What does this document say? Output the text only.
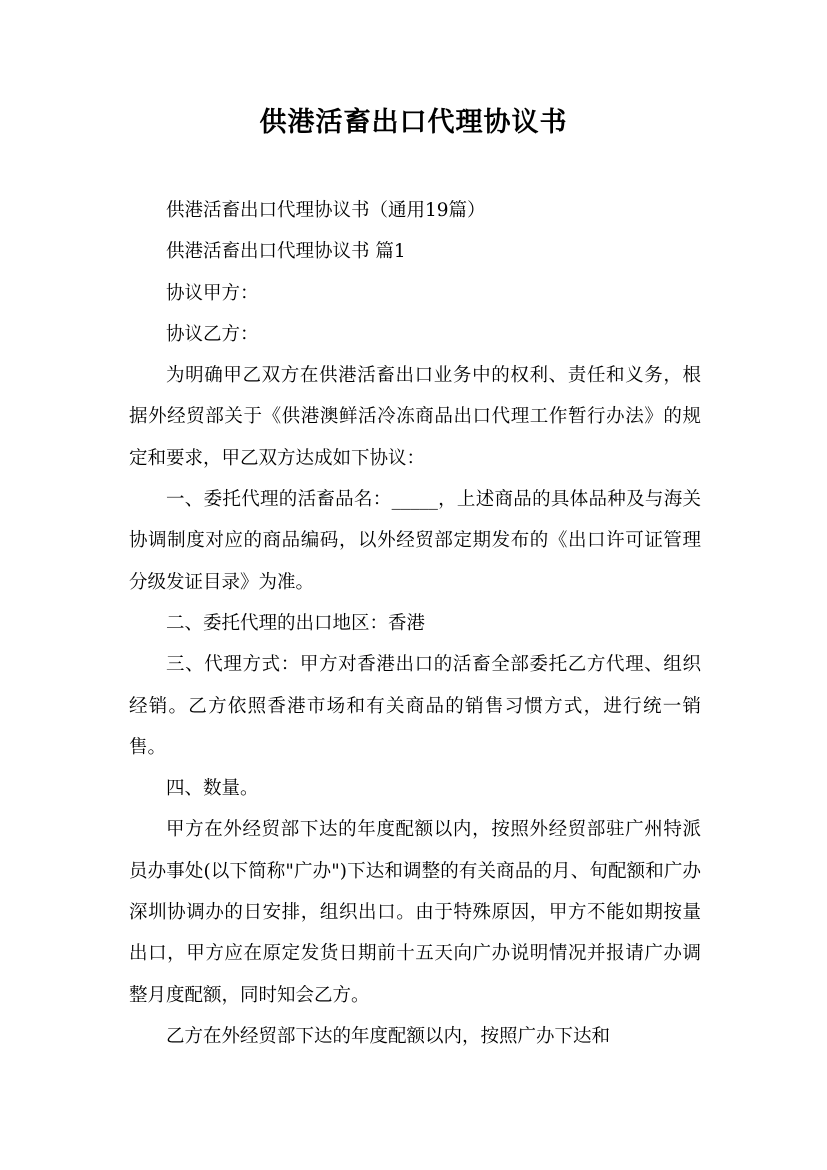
供港活畜出口代理协议书

供港活畜出口代理协议书（通用19篇）

供港活畜出口代理协议书 篇1

协议甲方：

协议乙方：

为明确甲乙双方在供港活畜出口业务中的权利、责任和义务，根据外经贸部关于《供港澳鲜活冷冻商品出口代理工作暂行办法》的规定和要求，甲乙双方达成如下协议：

一、委托代理的活畜品名：_____，上述商品的具体品种及与海关协调制度对应的商品编码，以外经贸部定期发布的《出口许可证管理分级发证目录》为准。

二、委托代理的出口地区：香港

三、代理方式：甲方对香港出口的活畜全部委托乙方代理、组织经销。乙方依照香港市场和有关商品的销售习惯方式，进行统一销售。

四、数量。

甲方在外经贸部下达的年度配额以内，按照外经贸部驻广州特派员办事处(以下简称"广办")下达和调整的有关商品的月、旬配额和广办深圳协调办的日安排，组织出口。由于特殊原因，甲方不能如期按量出口，甲方应在原定发货日期前十五天向广办说明情况并报请广办调整月度配额，同时知会乙方。

乙方在外经贸部下达的年度配额以内，按照广办下达和
